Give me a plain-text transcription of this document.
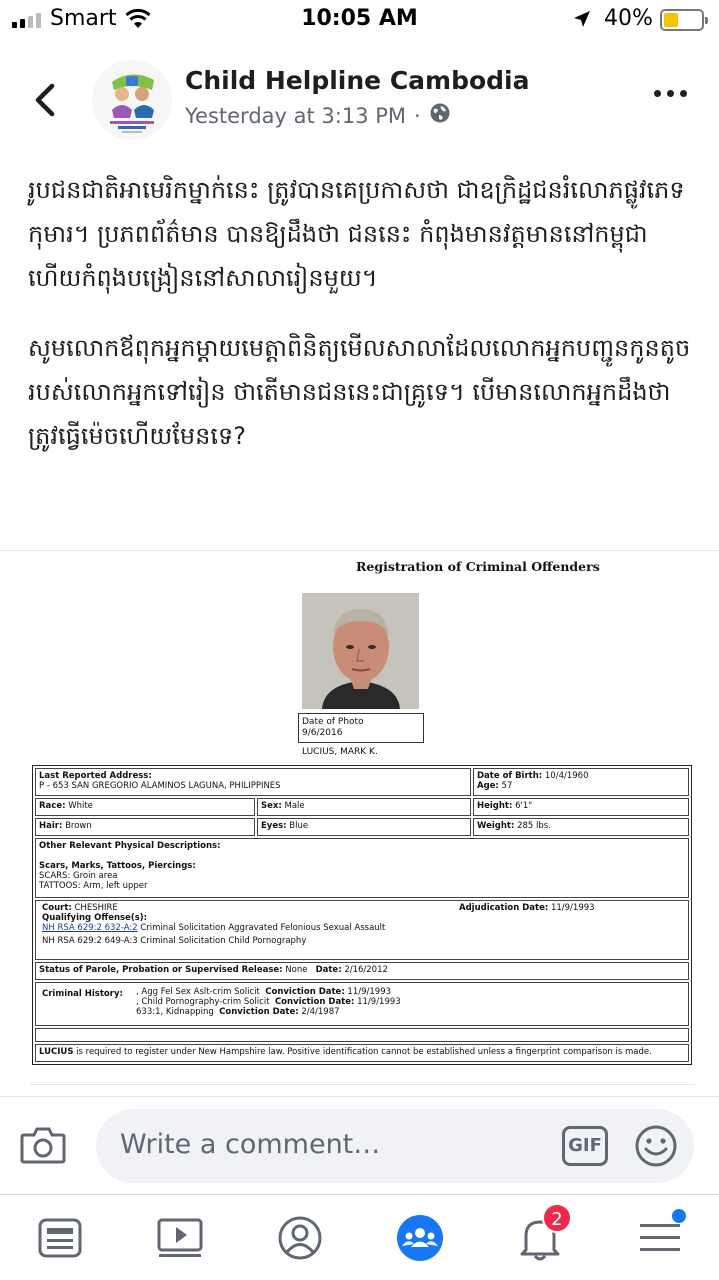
Smart	10:05 AM	40%
Child Helpline Cambodia
Yesterday at 3:13 PM ·

រូបជនជាតិអាមេរិកម្នាក់នេះ ត្រូវបានគេប្រកាសថា ជាឧក្រិដ្ឋជនរំលោភផ្លូវភេទកុមារ។ ប្រភពព័ត៌មាន បានឱ្យដឹងថា ជននេះ កំពុងមានវត្តមាននៅកម្ពុជា ហើយកំពុងបង្រៀននៅសាលារៀនមួយ។

សូមលោកឪពុកអ្នកម្តាយមេត្តាពិនិត្យមើលសាលាដែលលោកអ្នកបញ្ជូនកូនតូចរបស់លោកអ្នកទៅរៀន ថាតើមានជននេះជាគ្រូទេ។ បើមានលោកអ្នកដឹងថា ត្រូវធ្វើម៉េចហើយមែនទេ?

Registration of Criminal Offenders
Date of Photo
9/6/2016
LUCIUS, MARK K.
Last Reported Address:
P - 653 SAN GREGORIO ALAMINOS LAGUNA, PHILIPPINES
Date of Birth: 10/4/1960
Age: 57
Race: White	Sex: Male	Height: 6'1"
Hair: Brown	Eyes: Blue	Weight: 285 lbs.
Other Relevant Physical Descriptions:
Scars, Marks, Tattoos, Piercings:
SCARS: Groin area
TATTOOS: Arm, left upper
Court: CHESHIRE	Adjudication Date: 11/9/1993
Qualifying Offense(s):
NH RSA 629:2 632-A:2 Criminal Solicitation Aggravated Felonious Sexual Assault
NH RSA 629:2 649-A:3 Criminal Solicitation Child Pornography
Status of Parole, Probation or Supervised Release: None Date: 2/16/2012
Criminal History: , Agg Fel Sex Aslt-crim Solicit Conviction Date: 11/9/1993
, Child Pornography-crim Solicit Conviction Date: 11/9/1993
633:1, Kidnapping Conviction Date: 2/4/1987
LUCIUS is required to register under New Hampshire law. Positive identification cannot be established unless a fingerprint comparison is made.
Write a comment…	GIF
2
